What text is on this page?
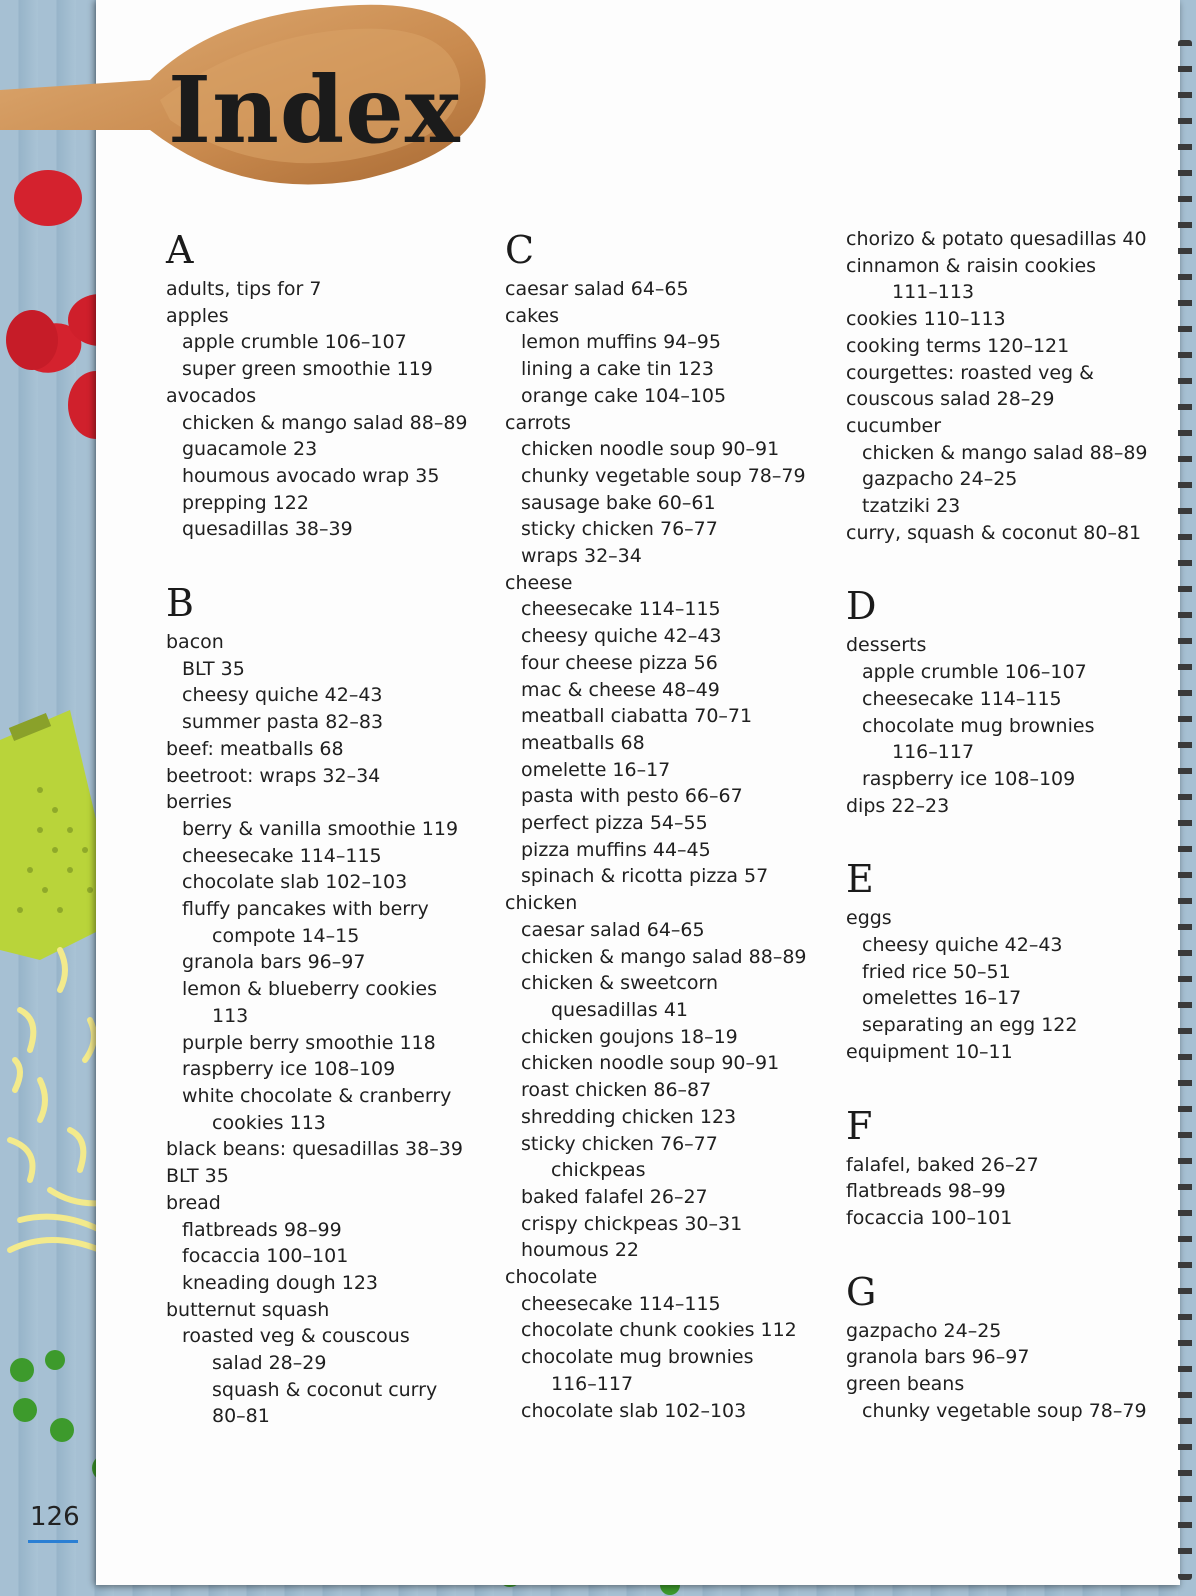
Index
A
adults, tips for 7
apples
apple crumble 106–107
super green smoothie 119
avocados
chicken & mango salad 88–89
guacamole 23
houmous avocado wrap 35
prepping 122
quesadillas 38–39
B
bacon
BLT 35
cheesy quiche 42–43
summer pasta 82–83
beef: meatballs 68
beetroot: wraps 32–34
berries
berry & vanilla smoothie 119
cheesecake 114–115
chocolate slab 102–103
fluffy pancakes with berry
compote 14–15
granola bars 96–97
lemon & blueberry cookies
113
purple berry smoothie 118
raspberry ice 108–109
white chocolate & cranberry
cookies 113
black beans: quesadillas 38–39
BLT 35
bread
flatbreads 98–99
focaccia 100–101
kneading dough 123
butternut squash
roasted veg & couscous
salad 28–29
squash & coconut curry
80–81
C
caesar salad 64–65
cakes
lemon muffins 94–95
lining a cake tin 123
orange cake 104–105
carrots
chicken noodle soup 90–91
chunky vegetable soup 78–79
sausage bake 60–61
sticky chicken 76–77
wraps 32–34
cheese
cheesecake 114–115
cheesy quiche 42–43
four cheese pizza 56
mac & cheese 48–49
meatball ciabatta 70–71
meatballs 68
omelette 16–17
pasta with pesto 66–67
perfect pizza 54–55
pizza muffins 44–45
spinach & ricotta pizza 57
chicken
caesar salad 64–65
chicken & mango salad 88–89
chicken & sweetcorn
quesadillas 41
chicken goujons 18–19
chicken noodle soup 90–91
roast chicken 86–87
shredding chicken 123
sticky chicken 76–77
chickpeas
baked falafel 26–27
crispy chickpeas 30–31
houmous 22
chocolate
cheesecake 114–115
chocolate chunk cookies 112
chocolate mug brownies
116–117
chocolate slab 102–103
chorizo & potato quesadillas 40
cinnamon & raisin cookies
111–113
cookies 110–113
cooking terms 120–121
courgettes: roasted veg &
couscous salad 28–29
cucumber
chicken & mango salad 88–89
gazpacho 24–25
tzatziki 23
curry, squash & coconut 80–81
D
desserts
apple crumble 106–107
cheesecake 114–115
chocolate mug brownies
116–117
raspberry ice 108–109
dips 22–23
E
eggs
cheesy quiche 42–43
fried rice 50–51
omelettes 16–17
separating an egg 122
equipment 10–11
F
falafel, baked 26–27
flatbreads 98–99
focaccia 100–101
G
gazpacho 24–25
granola bars 96–97
green beans
chunky vegetable soup 78–79
126
